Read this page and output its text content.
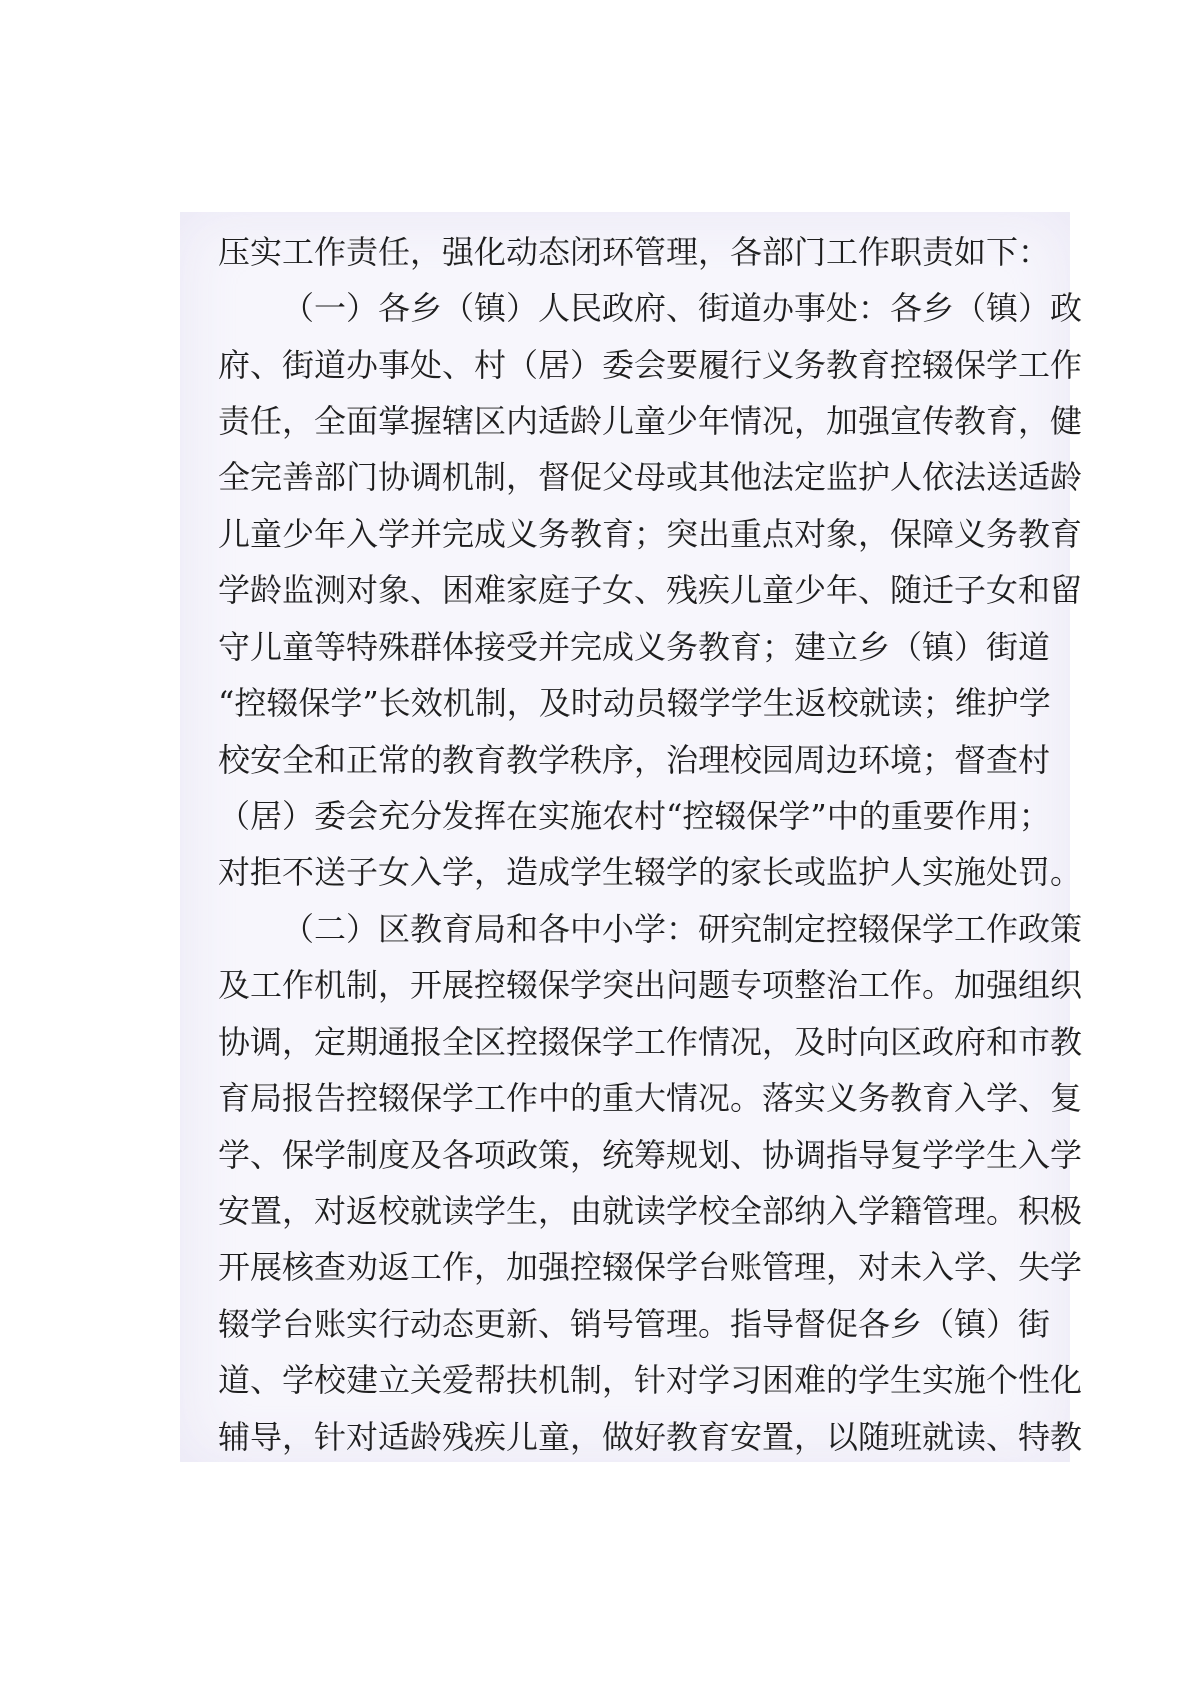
压实工作责任，强化动态闭环管理，各部门工作职责如下：

（一）各乡（镇）人民政府、街道办事处：各乡（镇）政

府、街道办事处、村（居）委会要履行义务教育控辍保学工作

责任，全面掌握辖区内适龄儿童少年情况，加强宣传教育，健

全完善部门协调机制，督促父母或其他法定监护人依法送适龄

儿童少年入学并完成义务教育；突出重点对象，保障义务教育

学龄监测对象、困难家庭子女、残疾儿童少年、随迁子女和留

守儿童等特殊群体接受并完成义务教育；建立乡（镇）街道

“控辍保学”长效机制，及时动员辍学学生返校就读；维护学

校安全和正常的教育教学秩序，治理校园周边环境；督查村

（居）委会充分发挥在实施农村“控辍保学”中的重要作用；

对拒不送子女入学，造成学生辍学的家长或监护人实施处罚。

（二）区教育局和各中小学：研究制定控辍保学工作政策

及工作机制，开展控辍保学突出问题专项整治工作。加强组织

协调，定期通报全区控掇保学工作情况，及时向区政府和市教

育局报告控辍保学工作中的重大情况。落实义务教育入学、复

学、保学制度及各项政策，统筹规划、协调指导复学学生入学

安置，对返校就读学生，由就读学校全部纳入学籍管理。积极

开展核查劝返工作，加强控辍保学台账管理，对未入学、失学

辍学台账实行动态更新、销号管理。指导督促各乡（镇）街

道、学校建立关爱帮扶机制，针对学习困难的学生实施个性化

辅导，针对适龄残疾儿童，做好教育安置，以随班就读、特教
